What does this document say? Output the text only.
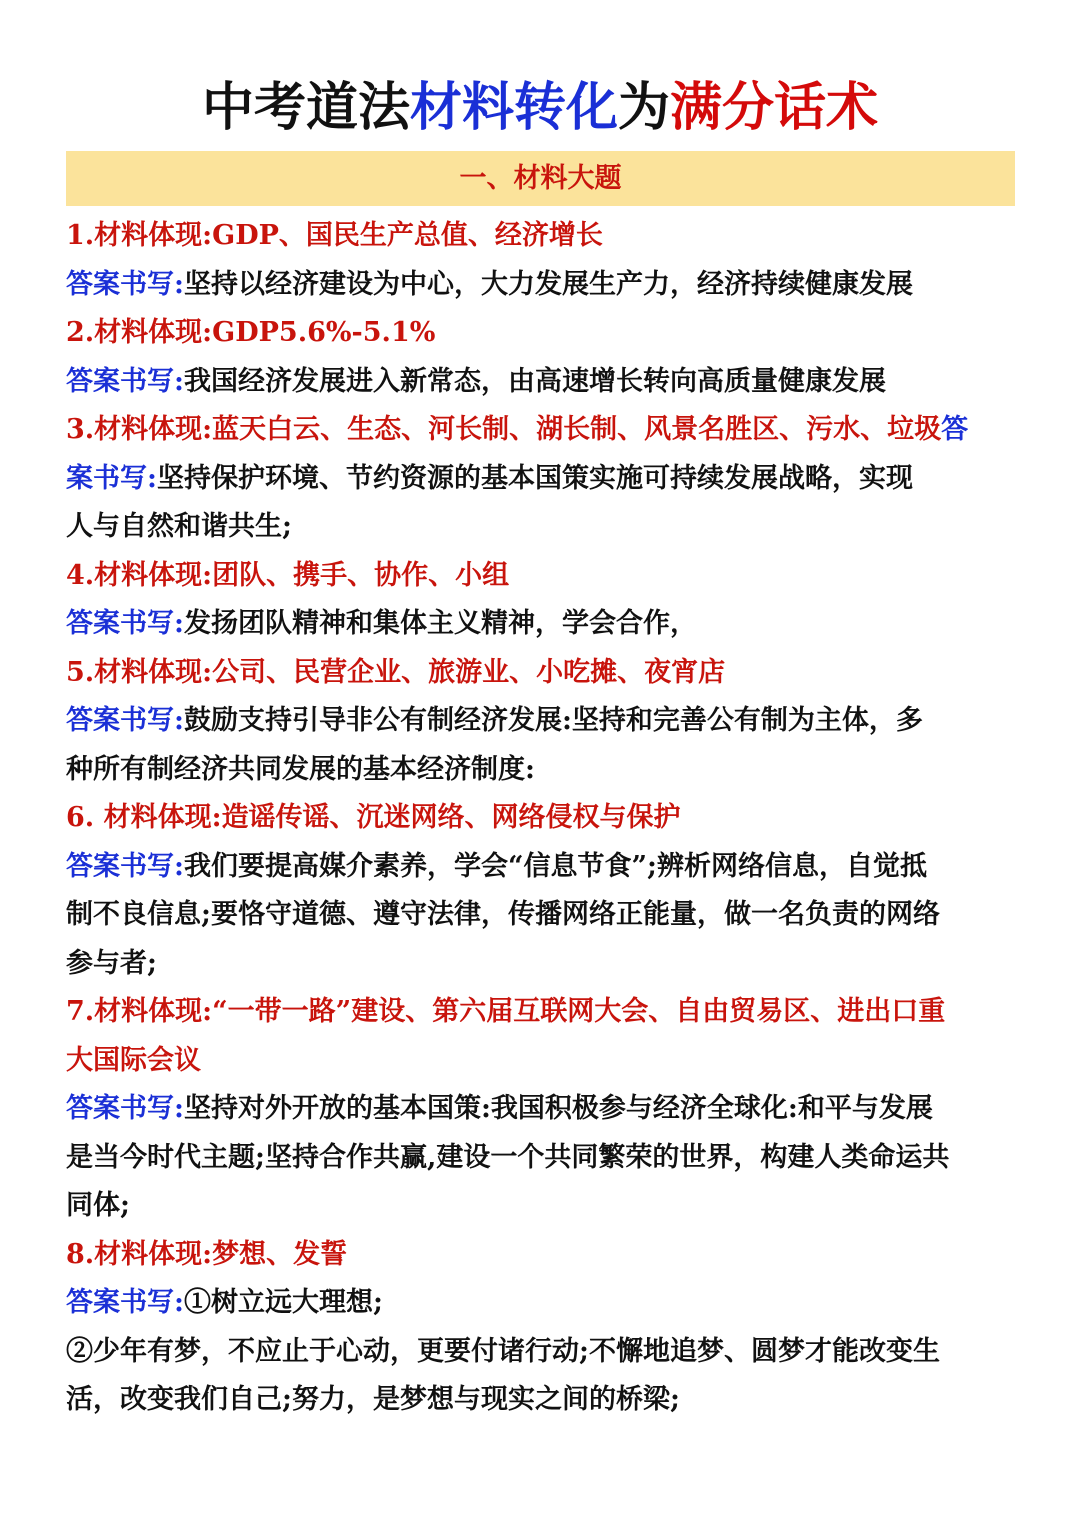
中考道法材料转化为满分话术
一、材料大题
1.材料体现:GDP、国民生产总值、经济增长
答案书写:坚持以经济建设为中心，大力发展生产力，经济持续健康发展
2.材料体现:GDP5.6%-5.1%
答案书写:我国经济发展进入新常态，由高速增长转向高质量健康发展
3.材料体现:蓝天白云、生态、河长制、湖长制、风景名胜区、污水、垃圾答
案书写:坚持保护环境、节约资源的基本国策实施可持续发展战略，实现
人与自然和谐共生;
4.材料体现:团队、携手、协作、小组
答案书写:发扬团队精神和集体主义精神，学会合作，
5.材料体现:公司、民营企业、旅游业、小吃摊、夜宵店
答案书写:鼓励支持引导非公有制经济发展:坚持和完善公有制为主体，多
种所有制经济共同发展的基本经济制度:
6. 材料体现:造谣传谣、沉迷网络、网络侵权与保护
答案书写:我们要提高媒介素养，学会“信息节食”;辨析网络信息，自觉抵
制不良信息;要恪守道德、遵守法律，传播网络正能量，做一名负责的网络
参与者;
7.材料体现:“一带一路”建设、第六届互联网大会、自由贸易区、进出口重
大国际会议
答案书写:坚持对外开放的基本国策:我国积极参与经济全球化:和平与发展
是当今时代主题;坚持合作共赢,建设一个共同繁荣的世界，构建人类命运共
同体;
8.材料体现:梦想、发誓
答案书写:①树立远大理想;
②少年有梦，不应止于心动，更要付诸行动;不懈地追梦、圆梦才能改变生
活，改变我们自己;努力，是梦想与现实之间的桥梁;
